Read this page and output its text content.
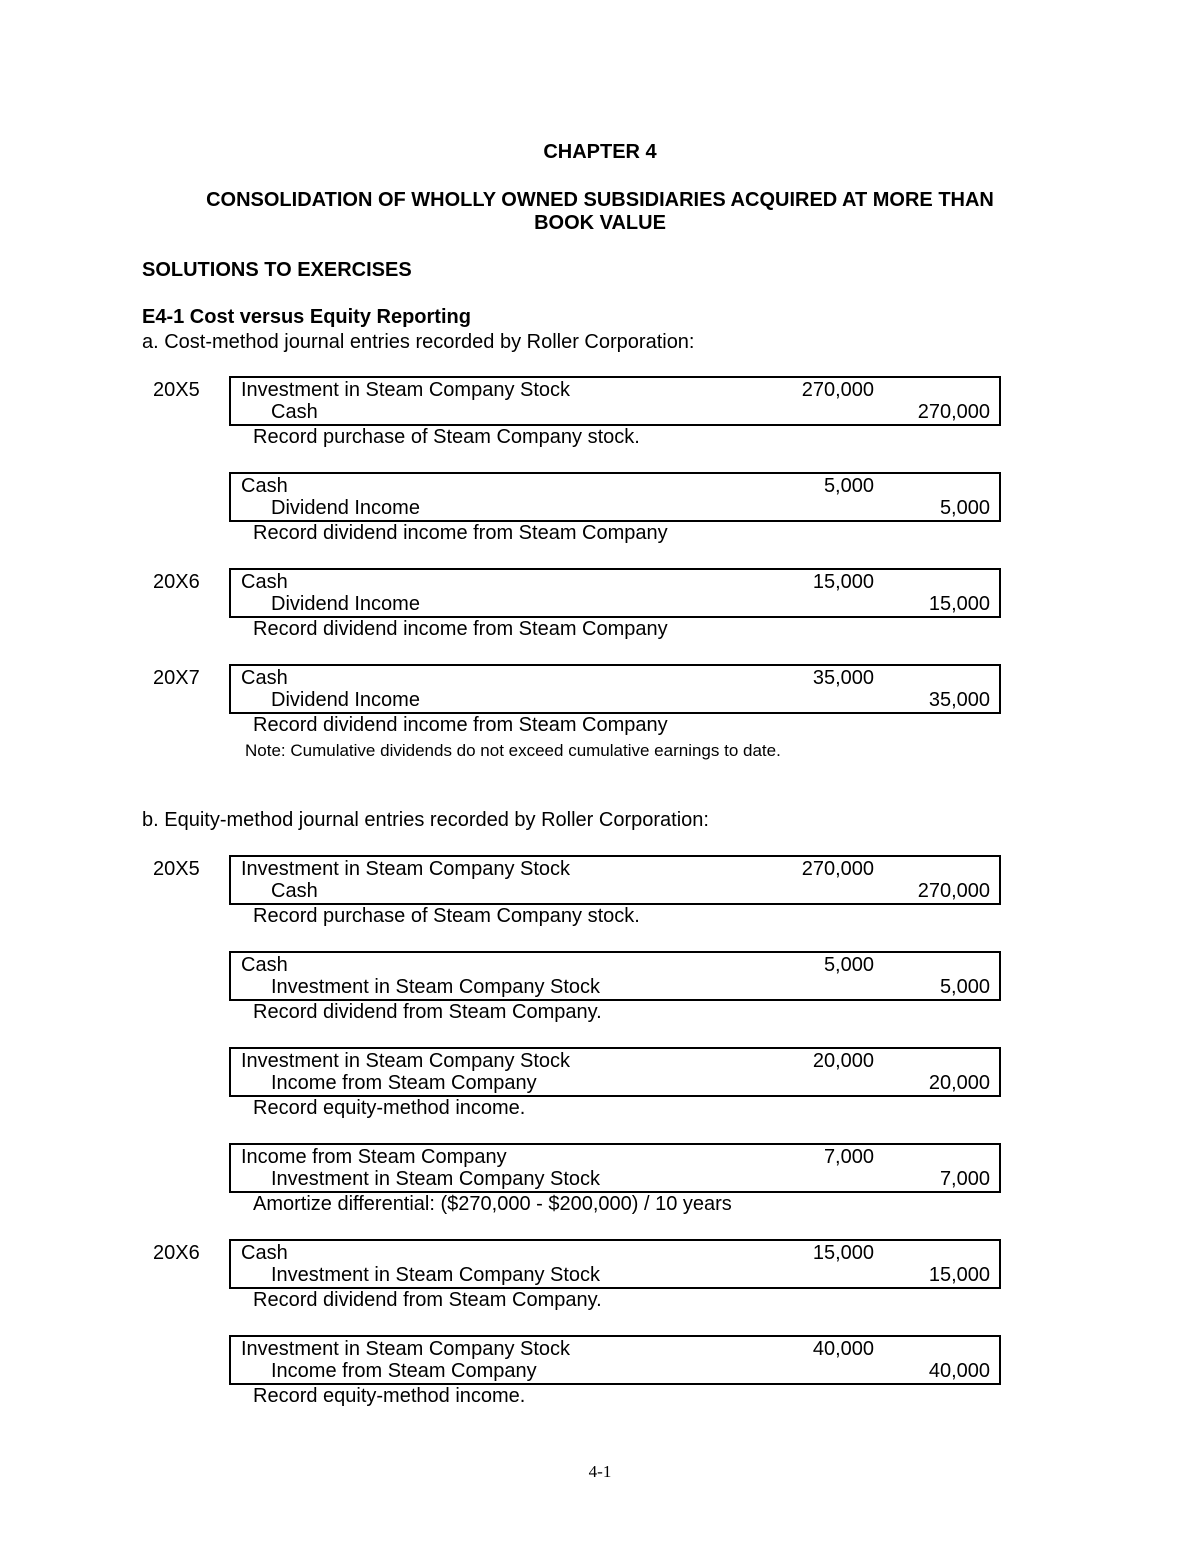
CHAPTER 4
CONSOLIDATION OF WHOLLY OWNED SUBSIDIARIES ACQUIRED AT MORE THAN
BOOK VALUE
SOLUTIONS TO EXERCISES
E4-1 Cost versus Equity Reporting
a. Cost-method journal entries recorded by Roller Corporation:
20X5 Investment in Steam Company Stock	270,000
Cash	270,000
Record purchase of Steam Company stock.
Cash	5,000
Dividend Income	5,000
Record dividend income from Steam Company
20X6 Cash	15,000
Dividend Income	15,000
Record dividend income from Steam Company
20X7 Cash	35,000
Dividend Income	35,000
Record dividend income from Steam Company
Note: Cumulative dividends do not exceed cumulative earnings to date.
b. Equity-method journal entries recorded by Roller Corporation:
20X5 Investment in Steam Company Stock	270,000
Cash	270,000
Record purchase of Steam Company stock.
Cash	5,000
Investment in Steam Company Stock	5,000
Record dividend from Steam Company.
Investment in Steam Company Stock	20,000
Income from Steam Company	20,000
Record equity-method income.
Income from Steam Company	7,000
Investment in Steam Company Stock	7,000
Amortize differential: ($270,000 - $200,000) / 10 years
20X6 Cash	15,000
Investment in Steam Company Stock	15,000
Record dividend from Steam Company.
Investment in Steam Company Stock	40,000
Income from Steam Company	40,000
Record equity-method income.
4-1
